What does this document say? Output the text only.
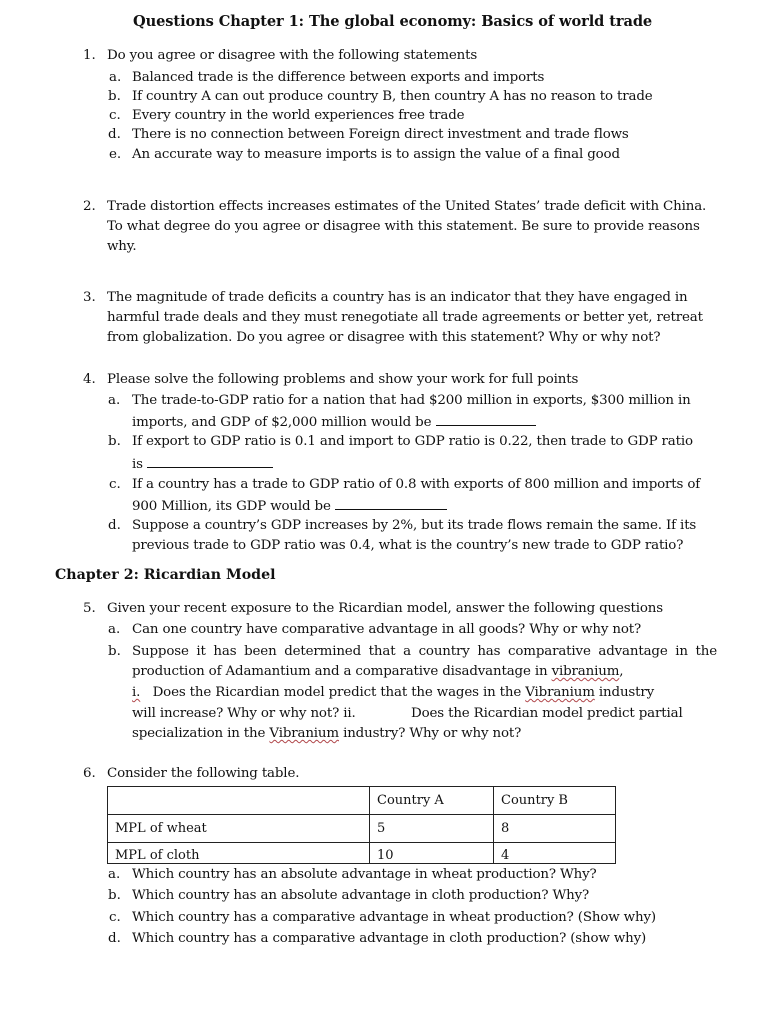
Questions Chapter 1: The global economy: Basics of world trade
1. Do you agree or disagree with the following statements
a. Balanced trade is the difference between exports and imports
b. If country A can out produce country B, then country A has no reason to trade
c. Every country in the world experiences free trade
d. There is no connection between Foreign direct investment and trade flows
e. An accurate way to measure imports is to assign the value of a final good
2. Trade distortion effects increases estimates of the United States’ trade deficit with China.
To what degree do you agree or disagree with this statement. Be sure to provide reasons
why.
3. The magnitude of trade deficits a country has is an indicator that they have engaged in
harmful trade deals and they must renegotiate all trade agreements or better yet, retreat
from globalization. Do you agree or disagree with this statement? Why or why not?
4. Please solve the following problems and show your work for full points
a. The trade-to-GDP ratio for a nation that had $200 million in exports, $300 million in
imports, and GDP of $2,000 million would be
b. If export to GDP ratio is 0.1 and import to GDP ratio is 0.22, then trade to GDP ratio
is
c. If a country has a trade to GDP ratio of 0.8 with exports of 800 million and imports of
900 Million, its GDP would be
d. Suppose a country’s GDP increases by 2%, but its trade flows remain the same. If its
previous trade to GDP ratio was 0.4, what is the country’s new trade to GDP ratio?
Chapter 2: Ricardian Model
5. Given your recent exposure to the Ricardian model, answer the following questions
a. Can one country have comparative advantage in all goods? Why or why not?
b. Suppose it has been determined that a country has comparative advantage in the
production of Adamantium and a comparative disadvantage in vibranium,
i. Does the Ricardian model predict that the wages in the Vibranium industry
will increase? Why or why not? ii.	Does the Ricardian model predict partial
specialization in the Vibranium industry? Why or why not?
6. Consider the following table.
	Country A	Country B
MPL of wheat	5	8
MPL of cloth	10	4
a. Which country has an absolute advantage in wheat production? Why?
b. Which country has an absolute advantage in cloth production? Why?
c. Which country has a comparative advantage in wheat production? (Show why)
d. Which country has a comparative advantage in cloth production? (show why)
